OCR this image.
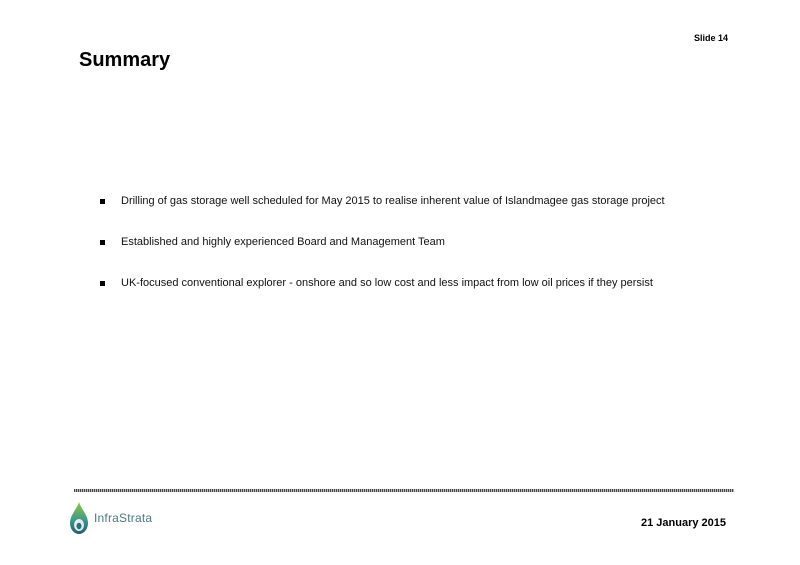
Slide 14
Summary
Drilling of gas storage well scheduled for May 2015 to realise inherent value of Islandmagee gas storage project
Established and highly experienced Board and Management Team
UK-focused conventional explorer - onshore and so low cost and less impact from low oil prices if they persist
InfraStrata	21 January 2015
